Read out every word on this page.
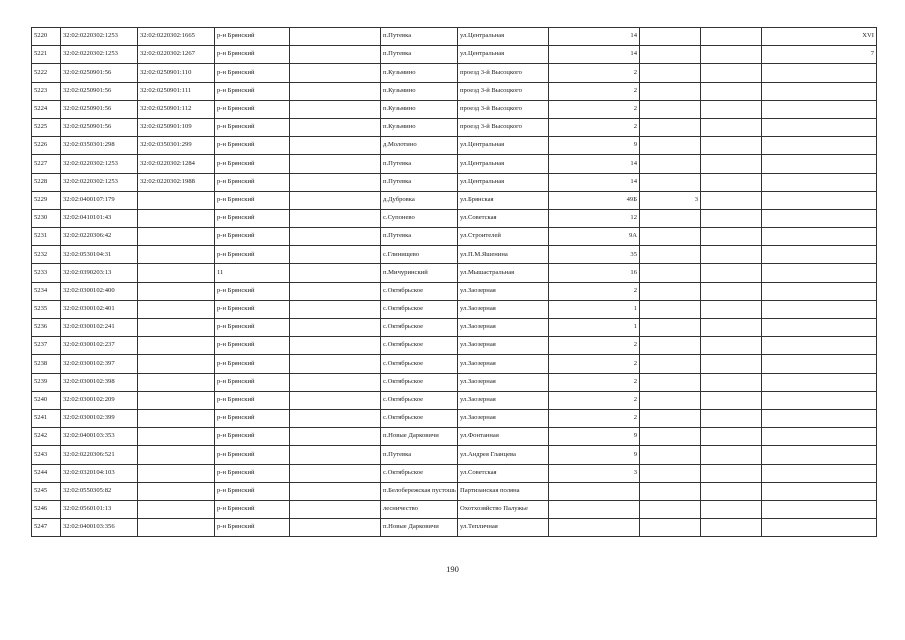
5220	32:02:0220302:1253	32:02:0220302:1665	р-н Брянский		п.Путевка	ул.Центральная	14			XVI
5221	32:02:0220302:1253	32:02:0220302:1267	р-н Брянский		п.Путевка	ул.Центральная	14			7
5222	32:02:0250901:56	32:02:0250901:110	р-н Брянский		п.Кузьмино	проезд 3-й Высоцкого	2			
5223	32:02:0250901:56	32:02:0250901:111	р-н Брянский		п.Кузьмино	проезд 3-й Высоцкого	2			
5224	32:02:0250901:56	32:02:0250901:112	р-н Брянский		п.Кузьмино	проезд 3-й Высоцкого	2			
5225	32:02:0250901:56	32:02:0250901:109	р-н Брянский		п.Кузьмино	проезд 3-й Высоцкого	2			
5226	32:02:0350301:298	32:02:0350301:299	р-н Брянский		д.Молотино	ул.Центральная	9			
5227	32:02:0220302:1253	32:02:0220302:1284	р-н Брянский		п.Путевка	ул.Центральная	14			
5228	32:02:0220302:1253	32:02:0220302:1988	р-н Брянский		п.Путевка	ул.Центральная	14			
5229	32:02:0400107:179		р-н Брянский		д.Дубровка	ул.Брянская	49Б	3		
5230	32:02:0410101:43		р-н Брянский		с.Супонево	ул.Советская	12			
5231	32:02:0220306:42		р-н Брянский		п.Путевка	ул.Строителей	9А			
5232	32:02:0530104:31		р-н Брянский		с.Глинищево	ул.П.М.Яшенина	35			
5233	32:02:0390203:13		11		п.Мичуринский	ул.Мышастральная	16			
5234	32:02:0300102:400		р-н Брянский		с.Октябрьское	ул.Заозерная	2			
5235	32:02:0300102:401		р-н Брянский		с.Октябрьское	ул.Заозерная	1			
5236	32:02:0300102:241		р-н Брянский		с.Октябрьское	ул.Заозерная	1			
5237	32:02:0300102:237		р-н Брянский		с.Октябрьское	ул.Заозерная	2			
5238	32:02:0300102:397		р-н Брянский		с.Октябрьское	ул.Заозерная	2			
5239	32:02:0300102:398		р-н Брянский		с.Октябрьское	ул.Заозерная	2			
5240	32:02:0300102:209		р-н Брянский		с.Октябрьское	ул.Заозерная	2			
5241	32:02:0300102:399		р-н Брянский		с.Октябрьское	ул.Заозерная	2			
5242	32:02:0400103:353		р-н Брянский		п.Новые Дарковичи	ул.Фонтанная	9			
5243	32:02:0220306:521		р-н Брянский		п.Путевка	ул.Андрея Гланцева	9			
5244	32:02:0320104:103		р-н Брянский		с.Октябрьское	ул.Советская	3			
5245	32:02:0550305:82		р-н Брянский		п.Белобережская пустошь	Партизанская поляна				
5246	32:02:0560101:13		р-н Брянский		лесничество	Охотхозяйство Палужье				
5247	32:02:0400103:356		р-н Брянский		п.Новые Дарковичи	ул.Тепличная				
190
